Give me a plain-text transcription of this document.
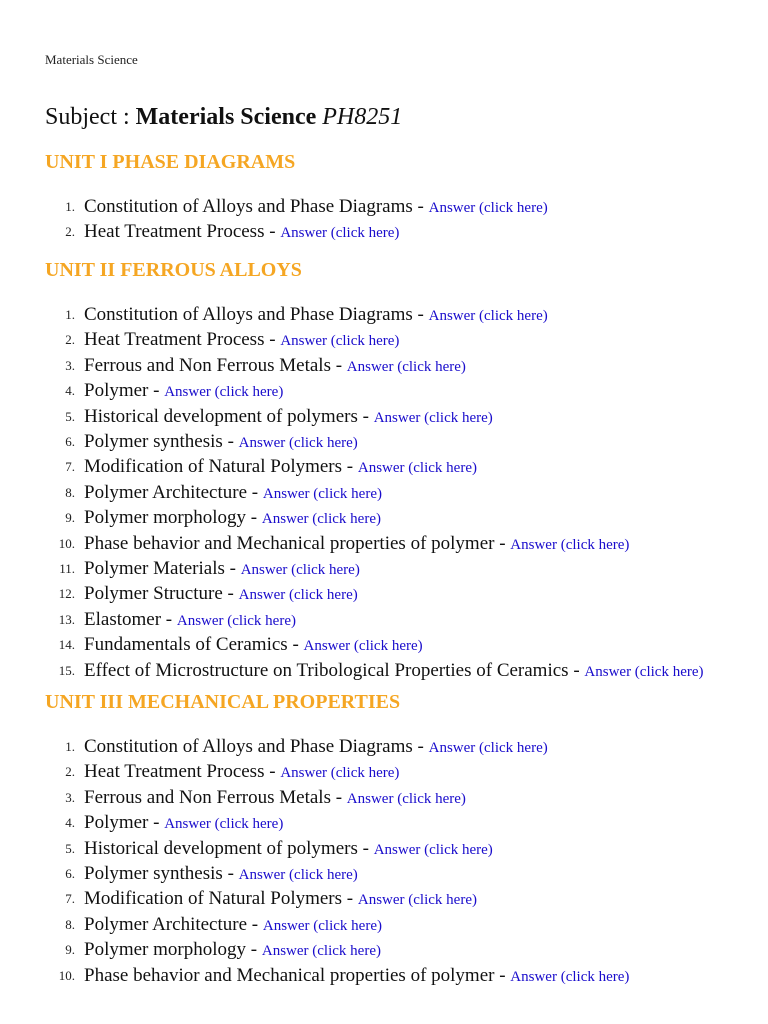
Materials Science
Subject : Materials Science PH8251
UNIT I PHASE DIAGRAMS
1. Constitution of Alloys and Phase Diagrams - Answer (click here)
2. Heat Treatment Process - Answer (click here)
UNIT II FERROUS ALLOYS
1. Constitution of Alloys and Phase Diagrams - Answer (click here)
2. Heat Treatment Process - Answer (click here)
3. Ferrous and Non Ferrous Metals - Answer (click here)
4. Polymer - Answer (click here)
5. Historical development of polymers - Answer (click here)
6. Polymer synthesis - Answer (click here)
7. Modification of Natural Polymers - Answer (click here)
8. Polymer Architecture - Answer (click here)
9. Polymer morphology - Answer (click here)
10. Phase behavior and Mechanical properties of polymer - Answer (click here)
11. Polymer Materials - Answer (click here)
12. Polymer Structure - Answer (click here)
13. Elastomer - Answer (click here)
14. Fundamentals of Ceramics - Answer (click here)
15. Effect of Microstructure on Tribological Properties of Ceramics - Answer (click here)
UNIT III MECHANICAL PROPERTIES
1. Constitution of Alloys and Phase Diagrams - Answer (click here)
2. Heat Treatment Process - Answer (click here)
3. Ferrous and Non Ferrous Metals - Answer (click here)
4. Polymer - Answer (click here)
5. Historical development of polymers - Answer (click here)
6. Polymer synthesis - Answer (click here)
7. Modification of Natural Polymers - Answer (click here)
8. Polymer Architecture - Answer (click here)
9. Polymer morphology - Answer (click here)
10. Phase behavior and Mechanical properties of polymer - Answer (click here)
